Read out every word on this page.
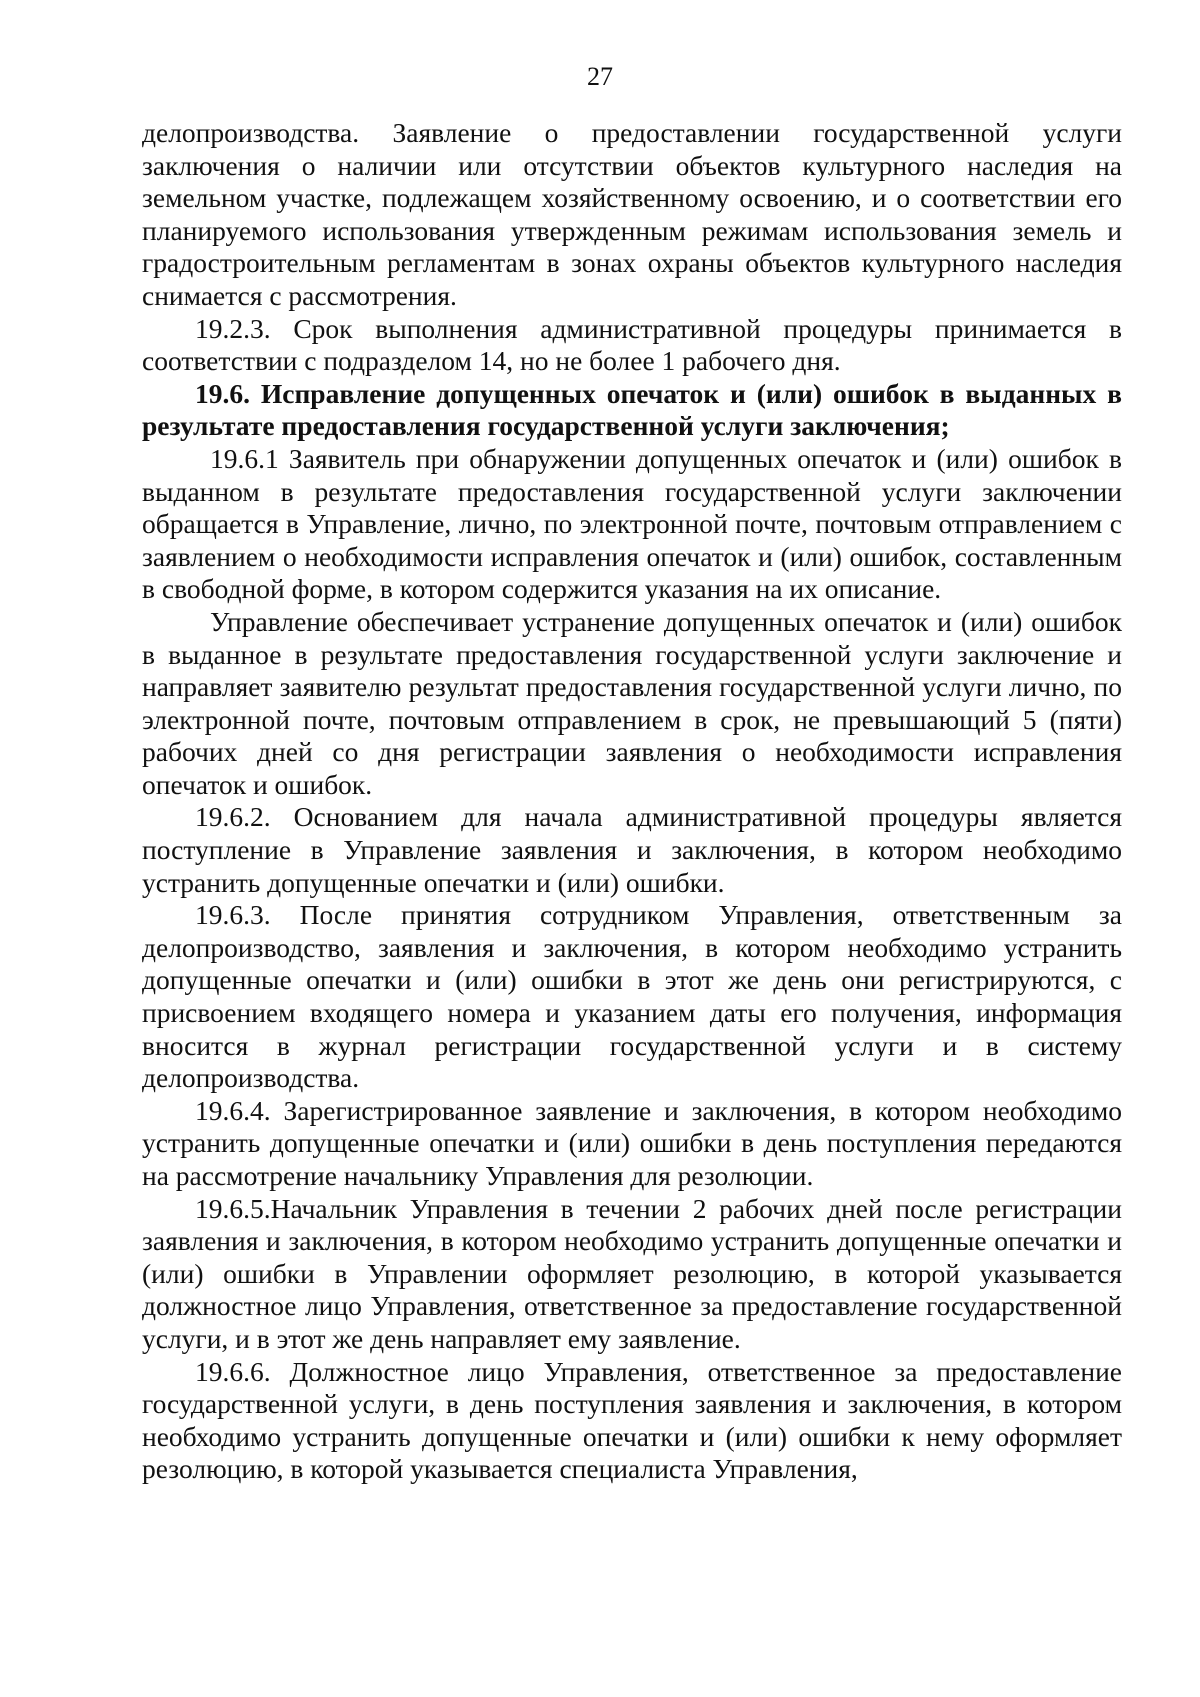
27

делопроизводства. Заявление о предоставлении государственной услуги заключения о наличии или отсутствии объектов культурного наследия на земельном участке, подлежащем хозяйственному освоению, и о соответствии его планируемого использования утвержденным режимам использования земель и градостроительным регламентам в зонах охраны объектов культурного наследия снимается с рассмотрения.

19.2.3. Срок выполнения административной процедуры принимается в соответствии с подразделом 14, но не более 1 рабочего дня.

19.6. Исправление допущенных опечаток и (или) ошибок в выданных в результате предоставления государственной услуги заключения;

19.6.1 Заявитель при обнаружении допущенных опечаток и (или) ошибок в выданном в результате предоставления государственной услуги заключении обращается в Управление, лично, по электронной почте, почтовым отправлением с заявлением о необходимости исправления опечаток и (или) ошибок, составленным в свободной форме, в котором содержится указания на их описание.

Управление обеспечивает устранение допущенных опечаток и (или) ошибок в выданное в результате предоставления государственной услуги заключение и направляет заявителю результат предоставления государственной услуги лично, по электронной почте, почтовым отправлением в срок, не превышающий 5 (пяти) рабочих дней со дня регистрации заявления о необходимости исправления опечаток и ошибок.

19.6.2. Основанием для начала административной процедуры является поступление в Управление заявления и заключения, в котором необходимо устранить допущенные опечатки и (или) ошибки.

19.6.3. После принятия сотрудником Управления, ответственным за делопроизводство, заявления и заключения, в котором необходимо устранить допущенные опечатки и (или) ошибки в этот же день они регистрируются, с присвоением входящего номера и указанием даты его получения, информация вносится в журнал регистрации государственной услуги и в систему делопроизводства.

19.6.4. Зарегистрированное заявление и заключения, в котором необходимо устранить допущенные опечатки и (или) ошибки в день поступления передаются на рассмотрение начальнику Управления для резолюции.

19.6.5.Начальник Управления в течении 2 рабочих дней после регистрации заявления и заключения, в котором необходимо устранить допущенные опечатки и (или) ошибки в Управлении оформляет резолюцию, в которой указывается должностное лицо Управления, ответственное за предоставление государственной услуги, и в этот же день направляет ему заявление.

19.6.6. Должностное лицо Управления, ответственное за предоставление государственной услуги, в день поступления заявления и заключения, в котором необходимо устранить допущенные опечатки и (или) ошибки к нему оформляет резолюцию, в которой указывается специалиста Управления,
